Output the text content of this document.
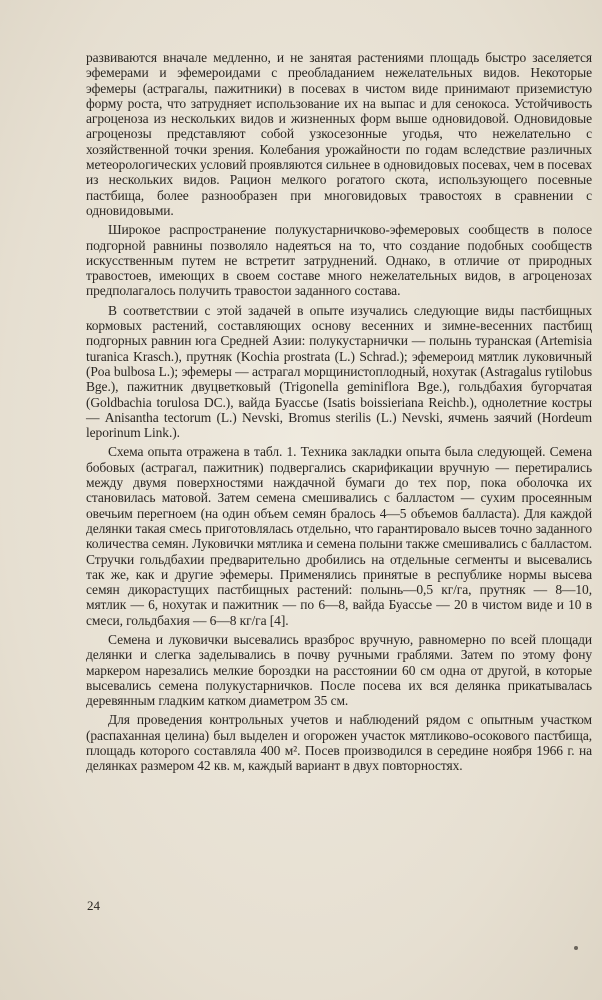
развиваются вначале медленно, и не занятая растениями площадь быстро заселяется эфемерами и эфемероидами с преобладанием нежелательных видов. Некоторые эфемеры (астрагалы, пажитники) в посевах в чистом виде принимают приземистую форму роста, что затрудняет использование их на выпас и для сенокоса. Устойчивость агроценоза из нескольких видов и жизненных форм выше одновидовой. Одновидовые агроценозы представляют собой узкосезонные угодья, что нежелательно с хозяйственной точки зрения. Колебания урожайности по годам вследствие различных метеорологических условий проявляются сильнее в одновидовых посевах, чем в посевах из нескольких видов. Рацион мелкого рогатого скота, использующего посевные пастбища, более разнообразен при многовидовых травостоях в сравнении с одновидовыми.

Широкое распространение полукустарничково-эфемеровых сообществ в полосе подгорной равнины позволяло надеяться на то, что создание подобных сообществ искусственным путем не встретит затруднений. Однако, в отличие от природных травостоев, имеющих в своем составе много нежелательных видов, в агроценозах предполагалось получить травостои заданного состава.

В соответствии с этой задачей в опыте изучались следующие виды пастбищных кормовых растений, составляющих основу весенних и зимне-весенних пастбищ подгорных равнин юга Средней Азии: полукустарнички — полынь туранская (Artemisia turanica Krasch.), прутняк (Kochia prostrata (L.) Schrad.); эфемероид мятлик луковичный (Poa bulbosa L.); эфемеры — астрагал морщинистоплодный, нохутак (Astragalus rytilobus Bge.), пажитник двуцветковый (Trigonella geminiflora Bge.), гольдбахия бугорчатая (Goldbachia torulosa DC.), вайда Буассье (Isatis boissieriana Reichb.), однолетние костры — Anisantha tectorum (L.) Nevski, Bromus sterilis (L.) Nevski, ячмень заячий (Hordeum leporinum Link.).

Схема опыта отражена в табл. 1. Техника закладки опыта была следующей. Семена бобовых (астрагал, пажитник) подвергались скарификации вручную — перетирались между двумя поверхностями наждачной бумаги до тех пор, пока оболочка их становилась матовой. Затем семена смешивались с балластом — сухим просеянным овечьим перегноем (на один объем семян бралось 4—5 объемов балласта). Для каждой делянки такая смесь приготовлялась отдельно, что гарантировало высев точно заданного количества семян. Луковички мятлика и семена полыни также смешивались с балластом. Стручки гольдбахии предварительно дробились на отдельные сегменты и высевались так же, как и другие эфемеры. Применялись принятые в республике нормы высева семян дикорастущих пастбищных растений: полынь—0,5 кг/га, прутняк — 8—10, мятлик — 6, нохутак и пажитник — по 6—8, вайда Буассье — 20 в чистом виде и 10 в смеси, гольдбахия — 6—8 кг/га [4].

Семена и луковички высевались вразброс вручную, равномерно по всей площади делянки и слегка заделывались в почву ручными граблями. Затем по этому фону маркером нарезались мелкие бороздки на расстоянии 60 см одна от другой, в которые высевались семена полукустарничков. После посева их вся делянка прикатывалась деревянным гладким катком диаметром 35 см.

Для проведения контрольных учетов и наблюдений рядом с опытным участком (распаханная целина) был выделен и огорожен участок мятликово-осокового пастбища, площадь которого составляла 400 м². Посев производился в середине ноября 1966 г. на делянках размером 42 кв. м, каждый вариант в двух повторностях.

24
